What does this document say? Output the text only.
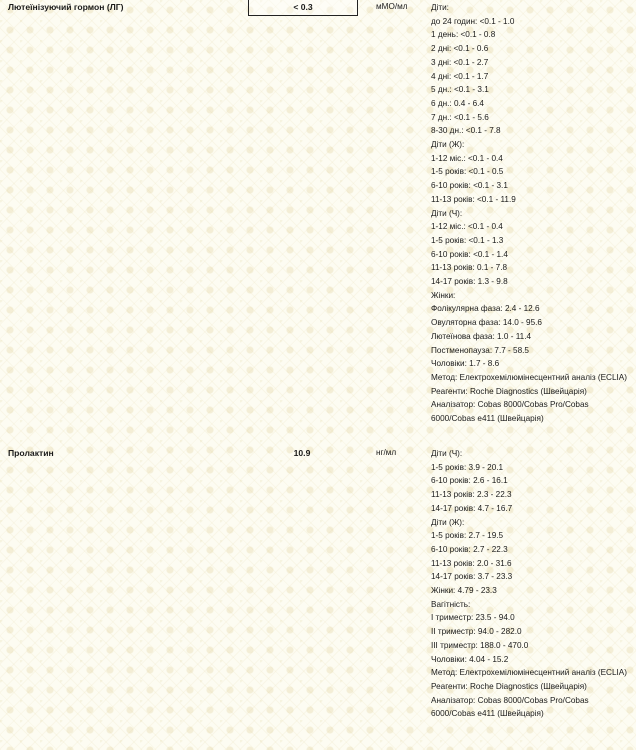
Лютеїнізуючий гормон (ЛГ)	< 0.3	мМО/мл	Діти:
до 24 годин: <0.1 - 1.0
1 день: <0.1 - 0.8
2 дні: <0.1 - 0.6
3 дні: <0.1 - 2.7
4 дні: <0.1 - 1.7
5 дн.: <0.1 - 3.1
6 дн.: 0.4 - 6.4
7 дн.: <0.1 - 5.6
8-30 дн.: <0.1 - 7.8
Діти (Ж):
1-12 міс.: <0.1 - 0.4
1-5 років: <0.1 - 0.5
6-10 років: <0.1 - 3.1
11-13 років: <0.1 - 11.9
Діти (Ч):
1-12 міс.: <0.1 - 0.4
1-5 років: <0.1 - 1.3
6-10 років: <0.1 - 1.4
11-13 років: 0.1 - 7.8
14-17 років: 1.3 - 9.8
Жінки:
Фолікулярна фаза: 2.4 - 12.6
Овуляторна фаза: 14.0 - 95.6
Лютеїнова фаза: 1.0 - 11.4
Постменопауза: 7.7 - 58.5
Чоловіки: 1.7 - 8.6
Метод: Електрохемілюмінесцентний аналіз (ECLIA)
Реагенти: Roche Diagnostics (Швейцарія)
Аналізатор: Cobas 8000/Cobas Pro/Cobas 6000/Cobas e411 (Швейцарія)
Пролактин	10.9	нг/мл	Діти (Ч):
1-5 років: 3.9 - 20.1
6-10 років: 2.6 - 16.1
11-13 років: 2.3 - 22.3
14-17 років: 4.7 - 16.7
Діти (Ж):
1-5 років: 2.7 - 19.5
6-10 років: 2.7 - 22.3
11-13 років: 2.0 - 31.6
14-17 років: 3.7 - 23.3
Жінки: 4.79 - 23.3
Вагітність:
І триместр: 23.5 - 94.0
ІІ триместр: 94.0 - 282.0
ІІІ триместр: 188.0 - 470.0
Чоловіки: 4.04 - 15.2
Метод: Електрохемілюмінесцентний аналіз (ECLIA)
Реагенти: Roche Diagnostics (Швейцарія)
Аналізатор: Cobas 8000/Cobas Pro/Cobas 6000/Cobas e411 (Швейцарія)
